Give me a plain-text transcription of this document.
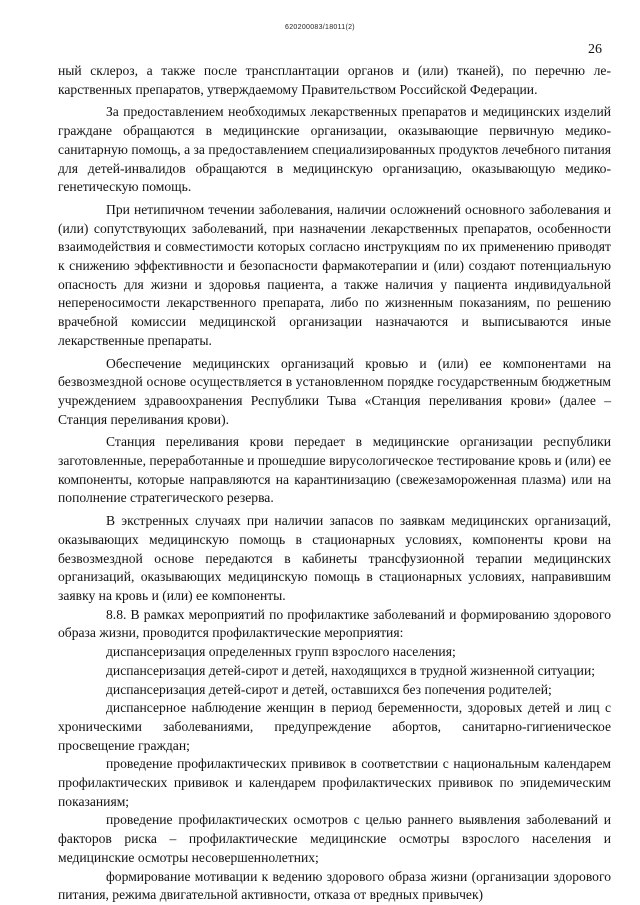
620200083/18011(2)
26

ный склероз, а также после трансплантации органов и (или) тканей), по перечню лекарственных препаратов, утверждаемому Правительством Российской Федерации.

За предоставлением необходимых лекарственных препаратов и медицинских изделий граждане обращаются в медицинские организации, оказывающие первичную медико-санитарную помощь, а за предоставлением специализированных продуктов лечебного питания для детей-инвалидов обращаются в медицинскую организацию, оказывающую медико-генетическую помощь.

При нетипичном течении заболевания, наличии осложнений основного заболевания и (или) сопутствующих заболеваний, при назначении лекарственных препаратов, особенности взаимодействия и совместимости которых согласно инструкциям по их применению приводят к снижению эффективности и безопасности фармакотерапии и (или) создают потенциальную опасность для жизни и здоровья пациента, а также наличия у пациента индивидуальной непереносимости лекарственного препарата, либо по жизненным показаниям, по решению врачебной комиссии медицинской организации назначаются и выписываются иные лекарственные препараты.

Обеспечение медицинских организаций кровью и (или) ее компонентами на безвозмездной основе осуществляется в установленном порядке государственным бюджетным учреждением здравоохранения Республики Тыва «Станция переливания крови» (далее – Станция переливания крови).

Станция переливания крови передает в медицинские организации республики заготовленные, переработанные и прошедшие вирусологическое тестирование кровь и (или) ее компоненты, которые направляются на карантинизацию (свежезамороженная плазма) или на пополнение стратегического резерва.

В экстренных случаях при наличии запасов по заявкам медицинских организаций, оказывающих медицинскую помощь в стационарных условиях, компоненты крови на безвозмездной основе передаются в кабинеты трансфузионной терапии медицинских организаций, оказывающих медицинскую помощь в стационарных условиях, направившим заявку на кровь и (или) ее компоненты.

8.8. В рамках мероприятий по профилактике заболеваний и формированию здорового образа жизни, проводится профилактические мероприятия:

диспансеризация определенных групп взрослого населения;

диспансеризация детей-сирот и детей, находящихся в трудной жизненной ситуации;

диспансеризация детей-сирот и детей, оставшихся без попечения родителей;

диспансерное наблюдение женщин в период беременности, здоровых детей и лиц с хроническими заболеваниями, предупреждение абортов, санитарно-гигиеническое просвещение граждан;

проведение профилактических прививок в соответствии с национальным календарем профилактических прививок и календарем профилактических прививок по эпидемическим показаниям;

проведение профилактических осмотров с целью раннего выявления заболеваний и факторов риска – профилактические медицинские осмотры взрослого населения и медицинские осмотры несовершеннолетних;

формирование мотивации к ведению здорового образа жизни (организации здорового питания, режима двигательной активности, отказа от вредных привычек)
